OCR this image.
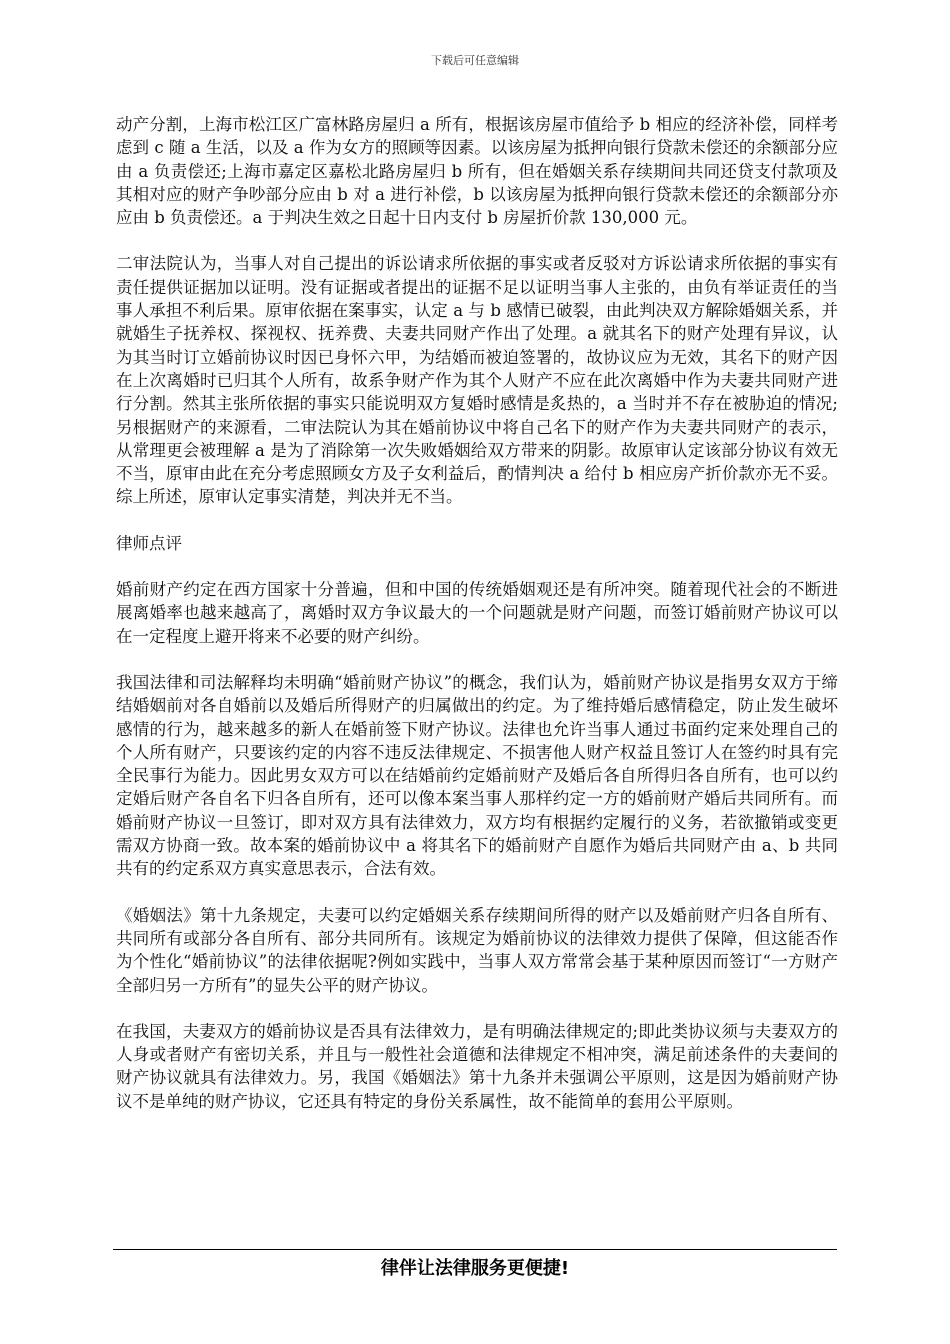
下载后可任意编辑

动产分割，上海市松江区广富林路房屋归 a 所有，根据该房屋市值给予 b 相应的经济补偿，同样考虑到 c 随 a 生活，以及 a 作为女方的照顾等因素。以该房屋为抵押向银行贷款未偿还的余额部分应由 a 负责偿还;上海市嘉定区嘉松北路房屋归 b 所有，但在婚姻关系存续期间共同还贷支付款项及其相对应的财产争吵部分应由 b 对 a 进行补偿，b 以该房屋为抵押向银行贷款未偿还的余额部分亦应由 b 负责偿还。a 于判决生效之日起十日内支付 b 房屋折价款 130,000 元。

二审法院认为，当事人对自己提出的诉讼请求所依据的事实或者反驳对方诉讼请求所依据的事实有责任提供证据加以证明。没有证据或者提出的证据不足以证明当事人主张的，由负有举证责任的当事人承担不利后果。原审依据在案事实，认定 a 与 b 感情已破裂，由此判决双方解除婚姻关系，并就婚生子抚养权、探视权、抚养费、夫妻共同财产作出了处理。a 就其名下的财产处理有异议，认为其当时订立婚前协议时因已身怀六甲，为结婚而被迫签署的，故协议应为无效，其名下的财产因在上次离婚时已归其个人所有，故系争财产作为其个人财产不应在此次离婚中作为夫妻共同财产进行分割。然其主张所依据的事实只能说明双方复婚时感情是炙热的，a 当时并不存在被胁迫的情况;另根据财产的来源看，二审法院认为其在婚前协议中将自己名下的财产作为夫妻共同财产的表示，从常理更会被理解 a 是为了消除第一次失败婚姻给双方带来的阴影。故原审认定该部分协议有效无不当，原审由此在充分考虑照顾女方及子女利益后，酌情判决 a 给付 b 相应房产折价款亦无不妥。综上所述，原审认定事实清楚，判决并无不当。

律师点评

婚前财产约定在西方国家十分普遍，但和中国的传统婚姻观还是有所冲突。随着现代社会的不断进展离婚率也越来越高了，离婚时双方争议最大的一个问题就是财产问题，而签订婚前财产协议可以在一定程度上避开将来不必要的财产纠纷。

我国法律和司法解释均未明确“婚前财产协议”的概念，我们认为，婚前财产协议是指男女双方于缔结婚姻前对各自婚前以及婚后所得财产的归属做出的约定。为了维持婚后感情稳定，防止发生破坏感情的行为，越来越多的新人在婚前签下财产协议。法律也允许当事人通过书面约定来处理自己的个人所有财产，只要该约定的内容不违反法律规定、不损害他人财产权益且签订人在签约时具有完全民事行为能力。因此男女双方可以在结婚前约定婚前财产及婚后各自所得归各自所有，也可以约定婚后财产各自名下归各自所有，还可以像本案当事人那样约定一方的婚前财产婚后共同所有。而婚前财产协议一旦签订，即对双方具有法律效力，双方均有根据约定履行的义务，若欲撤销或变更需双方协商一致。故本案的婚前协议中 a 将其名下的婚前财产自愿作为婚后共同财产由 a、b 共同共有的约定系双方真实意思表示，合法有效。

《婚姻法》第十九条规定，夫妻可以约定婚姻关系存续期间所得的财产以及婚前财产归各自所有、共同所有或部分各自所有、部分共同所有。该规定为婚前协议的法律效力提供了保障，但这能否作为个性化“婚前协议”的法律依据呢?例如实践中，当事人双方常常会基于某种原因而签订“一方财产全部归另一方所有”的显失公平的财产协议。

在我国，夫妻双方的婚前协议是否具有法律效力，是有明确法律规定的;即此类协议须与夫妻双方的人身或者财产有密切关系，并且与一般性社会道德和法律规定不相冲突，满足前述条件的夫妻间的财产协议就具有法律效力。另，我国《婚姻法》第十九条并未强调公平原则，这是因为婚前财产协议不是单纯的财产协议，它还具有特定的身份关系属性，故不能简单的套用公平原则。

律伴让法律服务更便捷!
